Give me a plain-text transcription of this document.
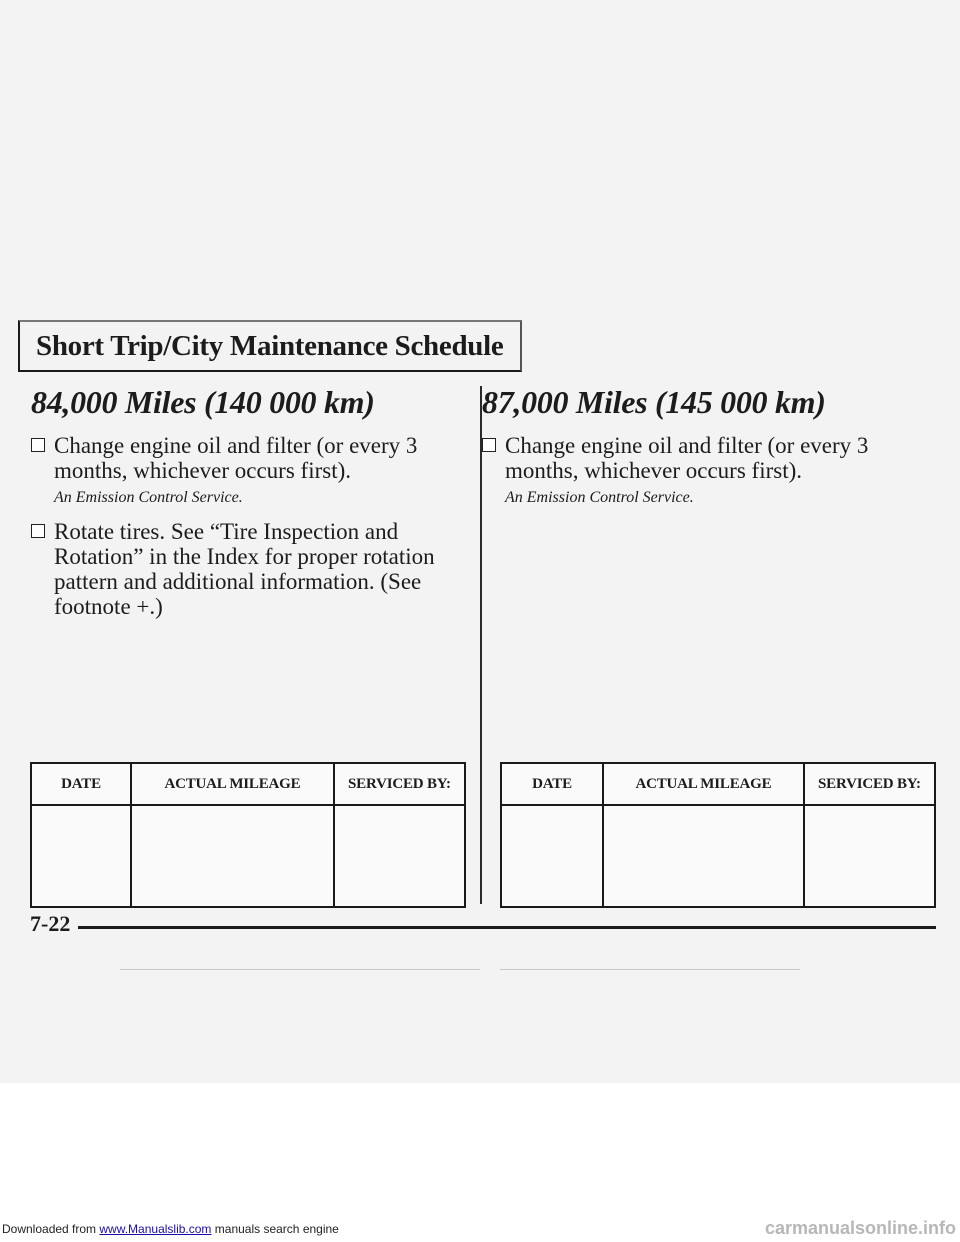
Short Trip/City Maintenance Schedule
84,000 Miles (140 000 km)
Change engine oil and filter (or every 3 months, whichever occurs first).
An Emission Control Service.
Rotate tires. See “Tire Inspection and Rotation” in the Index for proper rotation pattern and additional information. (See footnote +.)
87,000 Miles (145 000 km)
Change engine oil and filter (or every 3 months, whichever occurs first).
An Emission Control Service.
DATE	ACTUAL MILEAGE	SERVICED BY:
			DATE	ACTUAL MILEAGE	SERVICED BY:

7-22
Downloaded from www.Manualslib.com manuals search engine	carmanualsonline.info
